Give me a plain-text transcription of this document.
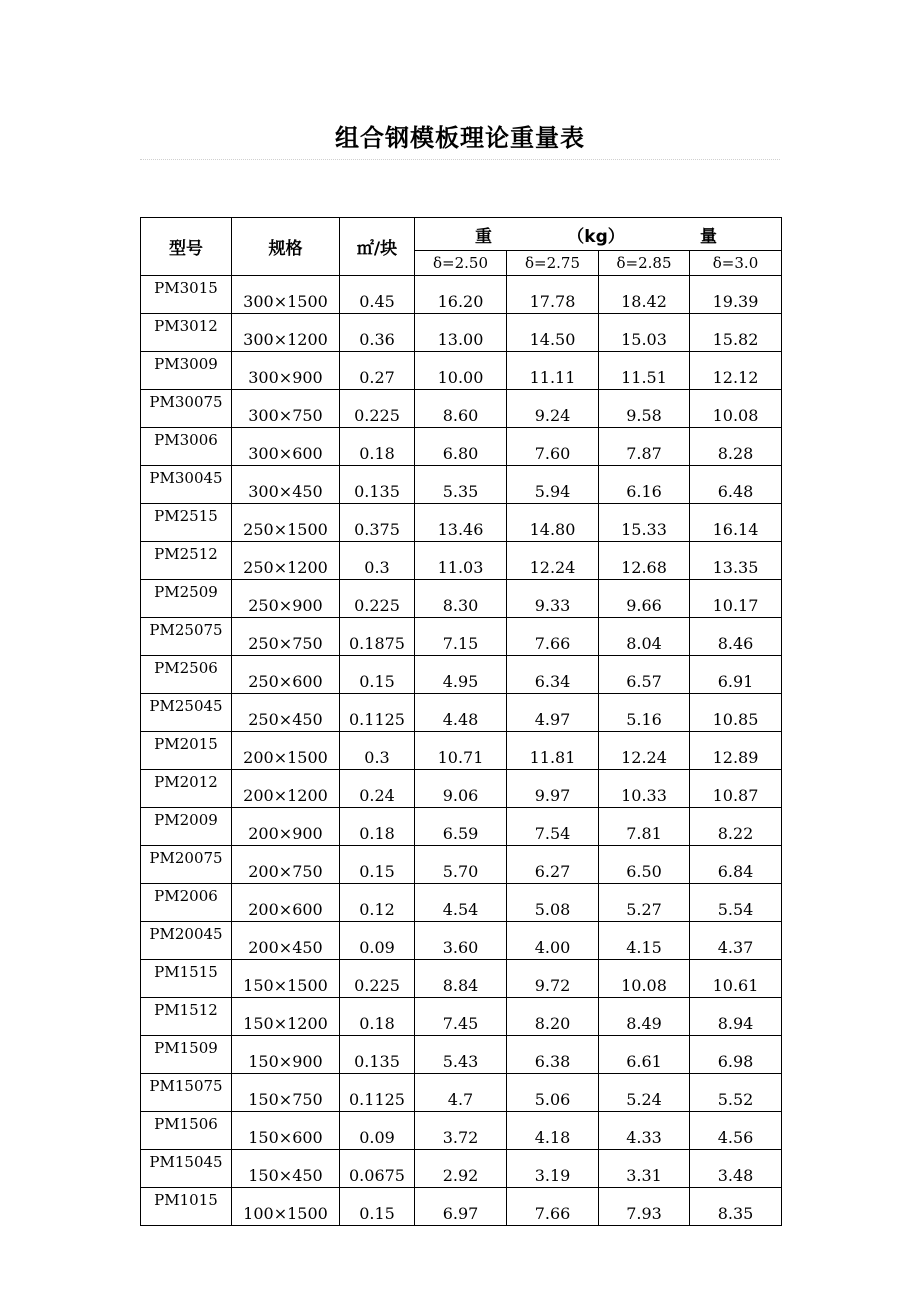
组合钢模板理论重量表
型号	规格	㎡/块	重 （kg） 量			

			δ=2.50	δ=2.75	δ=2.85	δ=3.0
PM3015	300×1500	0.45	16.20	17.78	18.42	19.39
PM3012	300×1200	0.36	13.00	14.50	15.03	15.82
PM3009	300×900	0.27	10.00	11.11	11.51	12.12
PM30075	300×750	0.225	8.60	9.24	9.58	10.08
PM3006	300×600	0.18	6.80	7.60	7.87	8.28
PM30045	300×450	0.135	5.35	5.94	6.16	6.48
PM2515	250×1500	0.375	13.46	14.80	15.33	16.14
PM2512	250×1200	0.3	11.03	12.24	12.68	13.35
PM2509	250×900	0.225	8.30	9.33	9.66	10.17
PM25075	250×750	0.1875	7.15	7.66	8.04	8.46
PM2506	250×600	0.15	4.95	6.34	6.57	6.91
PM25045	250×450	0.1125	4.48	4.97	5.16	10.85
PM2015	200×1500	0.3	10.71	11.81	12.24	12.89
PM2012	200×1200	0.24	9.06	9.97	10.33	10.87
PM2009	200×900	0.18	6.59	7.54	7.81	8.22
PM20075	200×750	0.15	5.70	6.27	6.50	6.84
PM2006	200×600	0.12	4.54	5.08	5.27	5.54
PM20045	200×450	0.09	3.60	4.00	4.15	4.37
PM1515	150×1500	0.225	8.84	9.72	10.08	10.61
PM1512	150×1200	0.18	7.45	8.20	8.49	8.94
PM1509	150×900	0.135	5.43	6.38	6.61	6.98
PM15075	150×750	0.1125	4.7	5.06	5.24	5.52
PM1506	150×600	0.09	3.72	4.18	4.33	4.56
PM15045	150×450	0.0675	2.92	3.19	3.31	3.48
PM1015	100×1500	0.15	6.97	7.66	7.93	8.35
